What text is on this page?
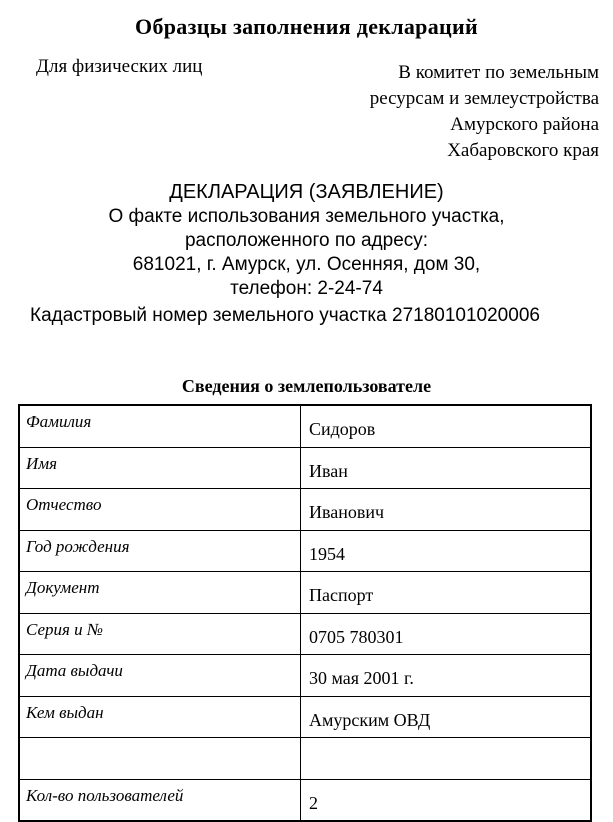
Образцы заполнения деклараций
Для физических лиц	В комитет по земельным
ресурсам и землеустройства
Амурского района
Хабаровского края
ДЕКЛАРАЦИЯ (ЗАЯВЛЕНИЕ)
О факте использования земельного участка,
расположенного по адресу:
681021, г. Амурск, ул. Осенняя, дом 30,
телефон: 2-24-74
Кадастровый номер земельного участка 27180101020006
Сведения о землепользователе
Фамилия	Сидоров
Имя	Иван
Отчество	Иванович
Год рождения	1954
Документ	Паспорт
Серия и №	0705 780301
Дата выдачи	30 мая 2001 г.
Кем выдан	Амурским ОВД

Кол-во пользователей	2
